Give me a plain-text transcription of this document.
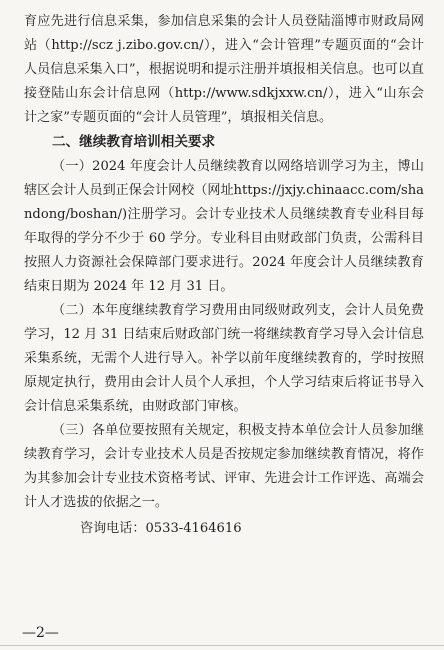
育应先进行信息采集，参加信息采集的会计人员登陆淄博市财政局网站（http://scz j.zibo.gov.cn/），进入“会计管理”专题页面的“会计人员信息采集入口”，根据说明和提示注册并填报相关信息。也可以直接登陆山东会计信息网（http://www.sdkjxxw.cn/），进入“山东会计之家”专题页面的“会计人员管理”，填报相关信息。

二、继续教育培训相关要求

（一）2024 年度会计人员继续教育以网络培训学习为主，博山辖区会计人员到正保会计网校（网址https://jxjy.chinaacc.com/shandong/boshan/)注册学习。会计专业技术人员继续教育专业科目每年取得的学分不少于 60 学分。专业科目由财政部门负责，公需科目按照人力资源社会保障部门要求进行。2024 年度会计人员继续教育结束日期为 2024 年 12 月 31 日。

（二）本年度继续教育学习费用由同级财政列支，会计人员免费学习，12 月 31 日结束后财政部门统一将继续教育学习导入会计信息采集系统，无需个人进行导入。补学以前年度继续教育的，学时按照原规定执行，费用由会计人员个人承担，个人学习结束后将证书导入会计信息采集系统，由财政部门审核。

（三）各单位要按照有关规定，积极支持本单位会计人员参加继续教育学习，会计专业技术人员是否按规定参加继续教育情况，将作为其参加会计专业技术资格考试、评审、先进会计工作评选、高端会计人才选拔的依据之一。

咨询电话：0533-4164616

—2—
